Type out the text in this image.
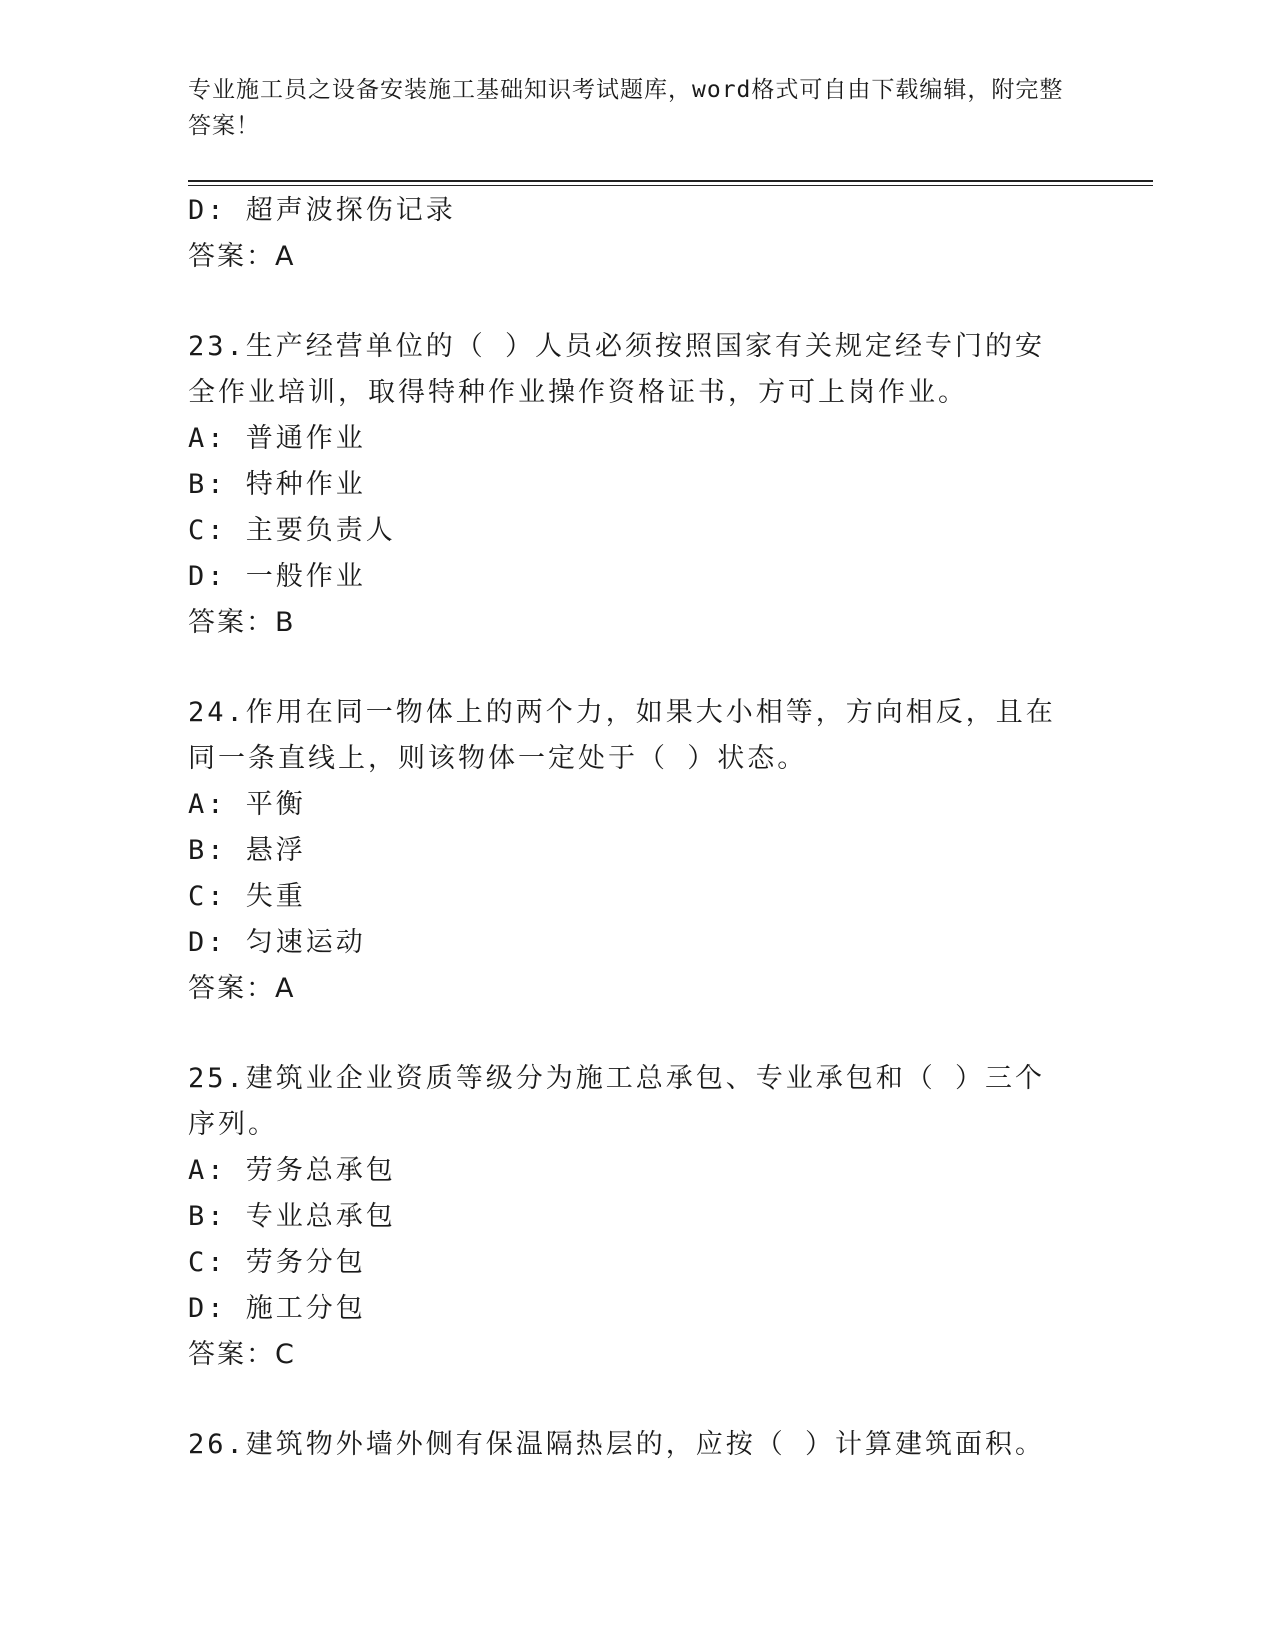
专业施工员之设备安装施工基础知识考试题库，word格式可自由下载编辑，附完整答案！
D: 超声波探伤记录
答案：A
23.生产经营单位的（ ）人员必须按照国家有关规定经专门的安全作业培训，取得特种作业操作资格证书，方可上岗作业。
A: 普通作业
B: 特种作业
C: 主要负责人
D: 一般作业
答案：B
24.作用在同一物体上的两个力，如果大小相等，方向相反，且在同一条直线上，则该物体一定处于（ ）状态。
A: 平衡
B: 悬浮
C: 失重
D: 匀速运动
答案：A
25.建筑业企业资质等级分为施工总承包、专业承包和（ ）三个序列。
A: 劳务总承包
B: 专业总承包
C: 劳务分包
D: 施工分包
答案：C
26.建筑物外墙外侧有保温隔热层的，应按（ ）计算建筑面积。
